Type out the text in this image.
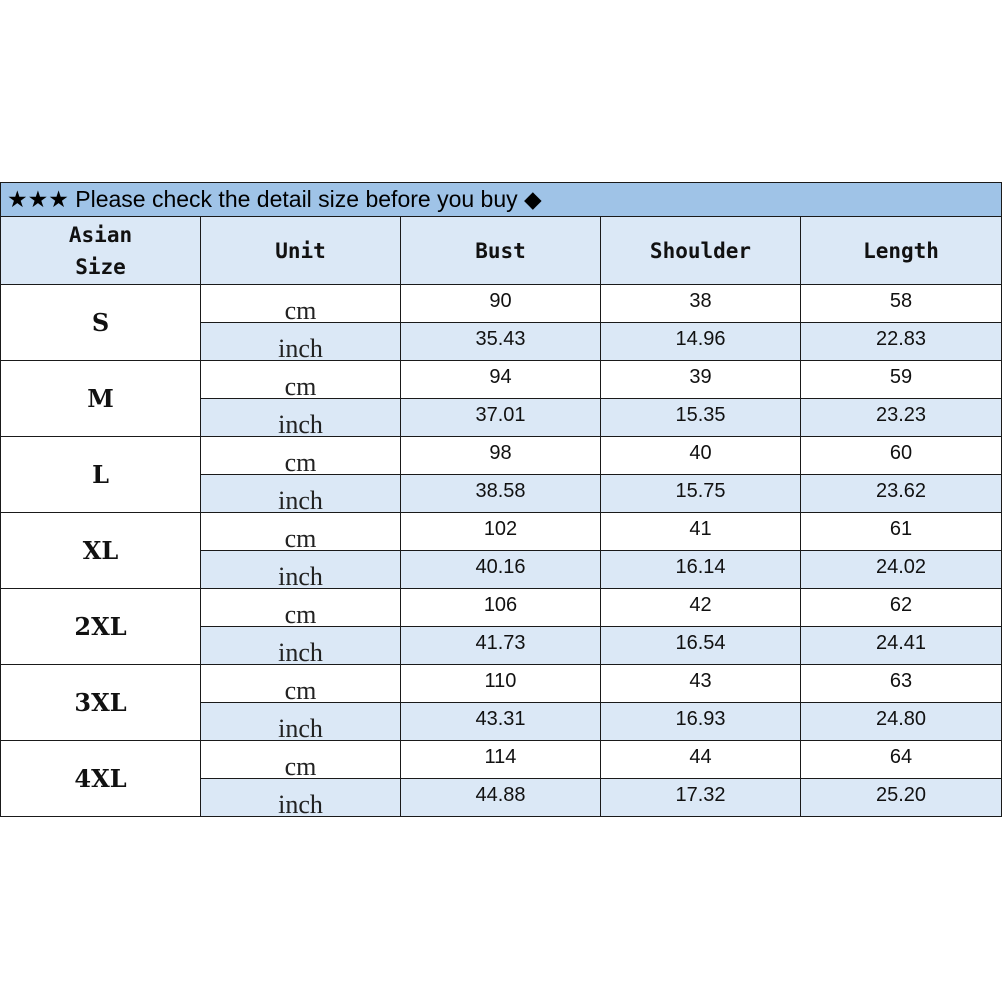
★★★ Please check the detail size before you buy ◆				

Asian
Size	Unit	Bust	Shoulder	Length
S	cm	90	38	58
	inch	35.43	14.96	22.83
M	cm	94	39	59
	inch	37.01	15.35	23.23
L	cm	98	40	60
	inch	38.58	15.75	23.62
XL	cm	102	41	61
	inch	40.16	16.14	24.02
2XL	cm	106	42	62
	inch	41.73	16.54	24.41
3XL	cm	110	43	63
	inch	43.31	16.93	24.80
4XL	cm	114	44	64
	inch	44.88	17.32	25.20
